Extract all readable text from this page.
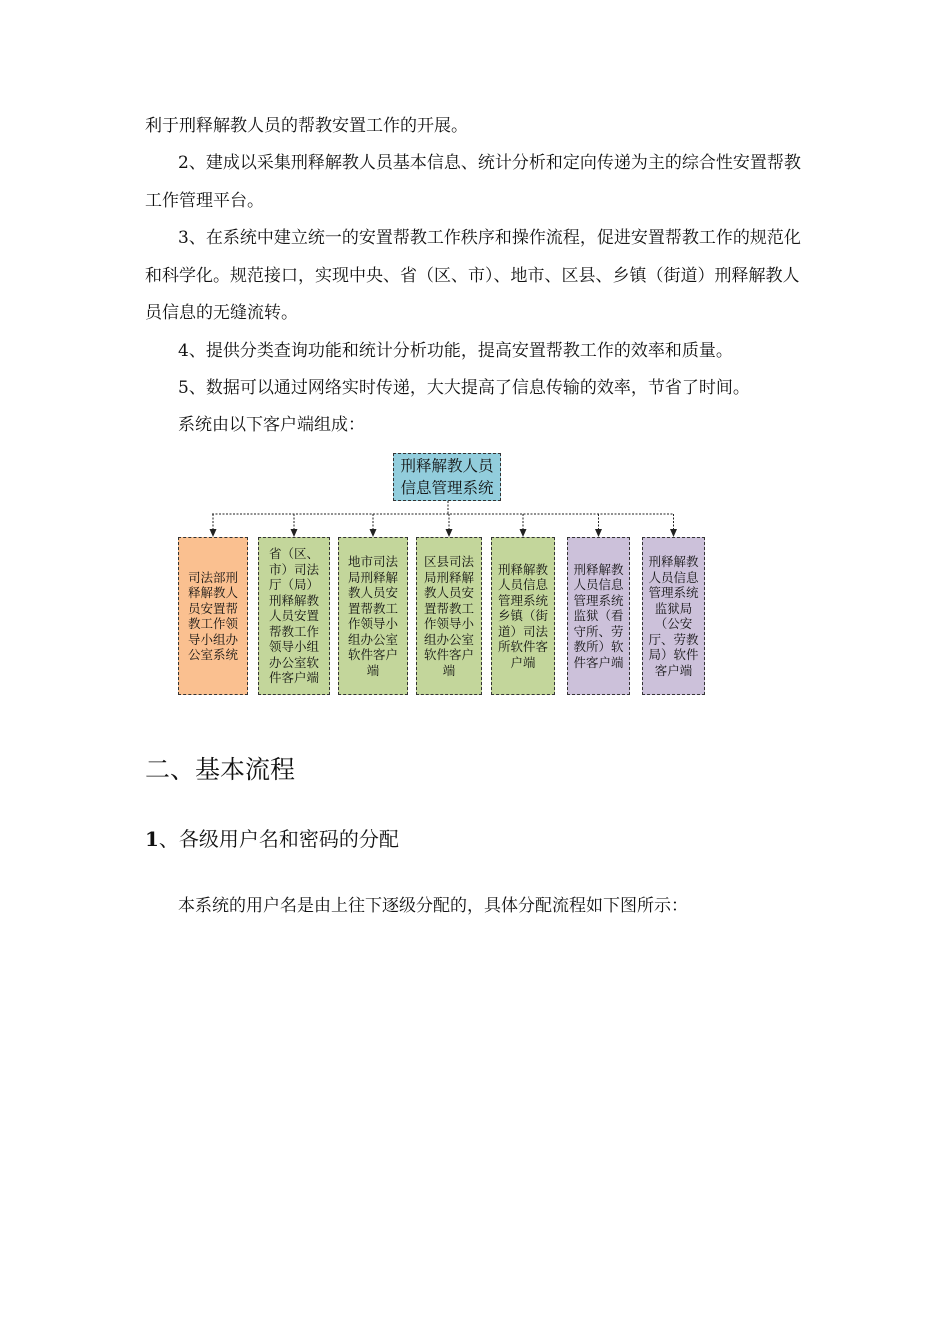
利于刑释解教人员的帮教安置工作的开展。

2、建成以采集刑释解教人员基本信息、统计分析和定向传递为主的综合性安置帮教工作管理平台。

3、在系统中建立统一的安置帮教工作秩序和操作流程，促进安置帮教工作的规范化和科学化。规范接口，实现中央、省（区、市）、地市、区县、乡镇（街道）刑释解教人员信息的无缝流转。

4、提供分类查询功能和统计分析功能，提高安置帮教工作的效率和质量。

5、数据可以通过网络实时传递，大大提高了信息传输的效率，节省了时间。

系统由以下客户端组成：

刑释解教人员
信息管理系统
司法部刑
释解教人
员安置帮
教工作领
导小组办
公室系统
省（区、
市）司法
厅（局）
刑释解教
人员安置
帮教工作
领导小组
办公室软
件客户端
地市司法
局刑释解
教人员安
置帮教工
作领导小
组办公室
软件客户
端
区县司法
局刑释解
教人员安
置帮教工
作领导小
组办公室
软件客户
端
刑释解教
人员信息
管理系统
乡镇（街
道）司法
所软件客
户端
刑释解教
人员信息
管理系统
监狱（看
守所、劳
教所）软
件客户端
刑释解教
人员信息
管理系统
监狱局
（公安
厅、劳教
局）软件
客户端
二、基本流程
1、各级用户名和密码的分配

本系统的用户名是由上往下逐级分配的，具体分配流程如下图所示：
